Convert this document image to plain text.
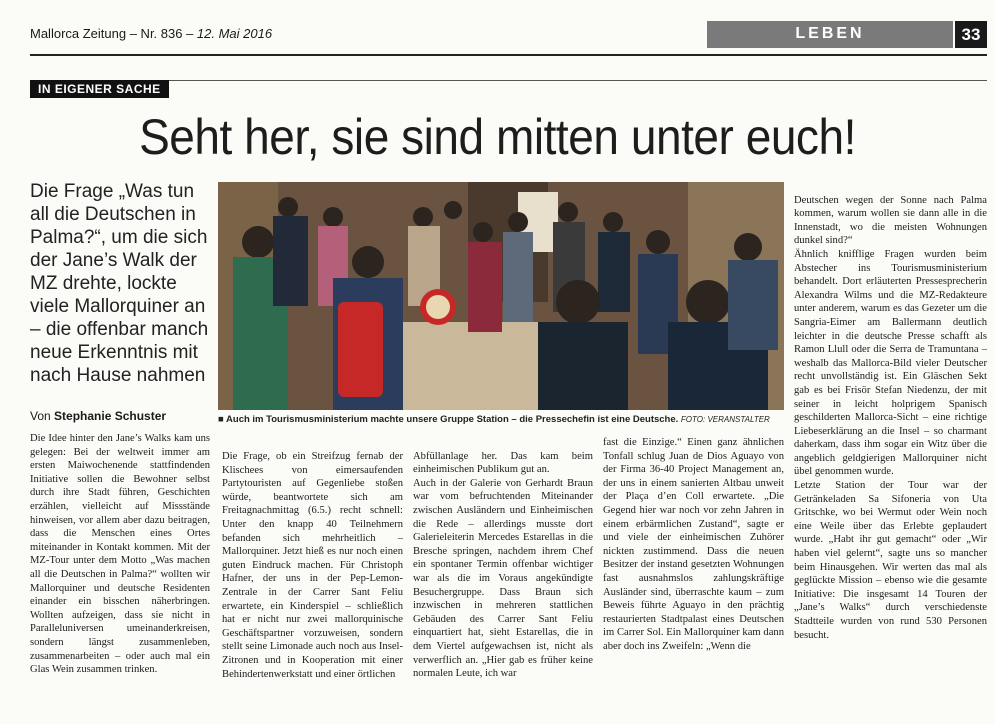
Mallorca Zeitung – Nr. 836 – 12. Mai 2016	LEBEN	33
IN EIGENER SACHE
Seht her, sie sind mitten unter euch!
Die Frage „Was tun all die Deutschen in Palma?“, um die sich der Jane’s Walk der MZ drehte, lockte viele Mallorquiner an – die offenbar manch neue Erkenntnis mit nach Hause nahmen
Von Stephanie Schuster	■ Auch im Tourismusministerium machte unsere Gruppe Station – die Pressechefin ist eine Deutsche. FOTO: VERANSTALTER

Die Idee hinter den Jane’s Walks kam uns gelegen: Bei der weltweit immer am ersten Maiwochenende stattfindenden Initiative sollen die Bewohner selbst durch ihre Stadt führen, Geschichten erzählen, vielleicht auf Missstände hinweisen, vor allem aber dazu beitragen, dass die Menschen eines Ortes miteinander in Kontakt kommen. Mit der MZ-Tour unter dem Motto „Was machen all die Deutschen in Palma?“ wollten wir Mallorquiner und deutsche Residenten einander ein bisschen näherbringen. Wollten aufzeigen, dass sie nicht in Paralleluniversen umeinanderkreisen, sondern längst zusammenleben, zusammenarbeiten – oder auch mal ein Glas Wein zusammen trinken.

Die Frage, ob ein Streifzug fernab der Klischees von eimersaufenden Partytouristen auf Gegenliebe stoßen würde, beantwortete sich am Freitagnachmittag (6.5.) recht schnell: Unter den knapp 40 Teilnehmern befanden sich mehrheitlich – Mallorquiner. Jetzt hieß es nur noch einen guten Eindruck machen. Für Christoph Hafner, der uns in der Pep-Lemon-Zentrale in der Carrer Sant Feliu erwartete, ein Kinderspiel – schließlich hat er nicht nur zwei mallorquinische Geschäftspartner vorzuweisen, sondern stellt seine Limonade auch noch aus Insel-Zitronen und in Kooperation mit einer Behindertenwerkstatt und einer örtlichen

Abfüllanlage her. Das kam beim einheimischen Publikum gut an.
Auch in der Galerie von Gerhardt Braun war vom befruchtenden Miteinander zwischen Ausländern und Einheimischen die Rede – allerdings musste dort Galerieleiterin Mercedes Estarellas in die Bresche springen, nachdem ihrem Chef ein spontaner Termin offenbar wichtiger war als die im Voraus angekündigte Besuchergruppe. Dass Braun sich inzwischen in mehreren stattlichen Gebäuden des Carrer Sant Feliu einquartiert hat, sieht Estarellas, die in dem Viertel aufgewachsen ist, nicht als verwerflich an. „Hier gab es früher keine normalen Leute, ich war

fast die Einzige.“ Einen ganz ähnlichen Tonfall schlug Juan de Dios Aguayo von der Firma 36-40 Project Management an, der uns in einem sanierten Altbau unweit der Plaça d’en Coll erwartete. „Die Gegend hier war noch vor zehn Jahren in einem erbärmlichen Zustand“, sagte er und viele der einheimischen Zuhörer nickten zustimmend. Dass die neuen Besitzer der instand gesetzten Wohnungen fast ausnahmslos zahlungskräftige Ausländer sind, überraschte kaum – zum Beweis führte Aguayo in den prächtig restaurierten Stadtpalast eines Deutschen im Carrer Sol. Ein Mallorquiner kam dann aber doch ins Zweifeln: „Wenn die

Deutschen wegen der Sonne nach Palma kommen, warum wollen sie dann alle in die Innenstadt, wo die meisten Wohnungen dunkel sind?“
Ähnlich knifflige Fragen wurden beim Abstecher ins Tourismusministerium behandelt. Dort erläuterten Pressesprecherin Alexandra Wilms und die MZ-Redakteure unter anderem, warum es das Gezeter um die Sangria-Eimer am Ballermann deutlich leichter in die deutsche Presse schafft als Ramon Llull oder die Serra de Tramuntana – weshalb das Mallorca-Bild vieler Deutscher recht unvollständig ist. Ein Gläschen Sekt gab es bei Frisör Stefan Niedenzu, der mit seiner in leicht holprigem Spanisch geschilderten Mallorca-Sicht – eine richtige Liebeserklärung an die Insel – so charmant daherkam, dass ihm sogar ein Witz über die angeblich geldgierigen Mallorquiner nicht übel genommen wurde.
Letzte Station der Tour war der Getränkeladen Sa Sifoneria von Uta Gritschke, wo bei Wermut oder Wein noch eine Weile über das Erlebte geplaudert wurde. „Habt ihr gut gemacht“ oder „Wir haben viel gelernt“, sagte uns so mancher beim Hinausgehen. Wir werten das mal als geglückte Mission – ebenso wie die gesamte Initiative: Die insgesamt 14 Touren der „Jane’s Walks“ durch verschiedenste Stadtteile wurden von rund 530 Personen besucht.
